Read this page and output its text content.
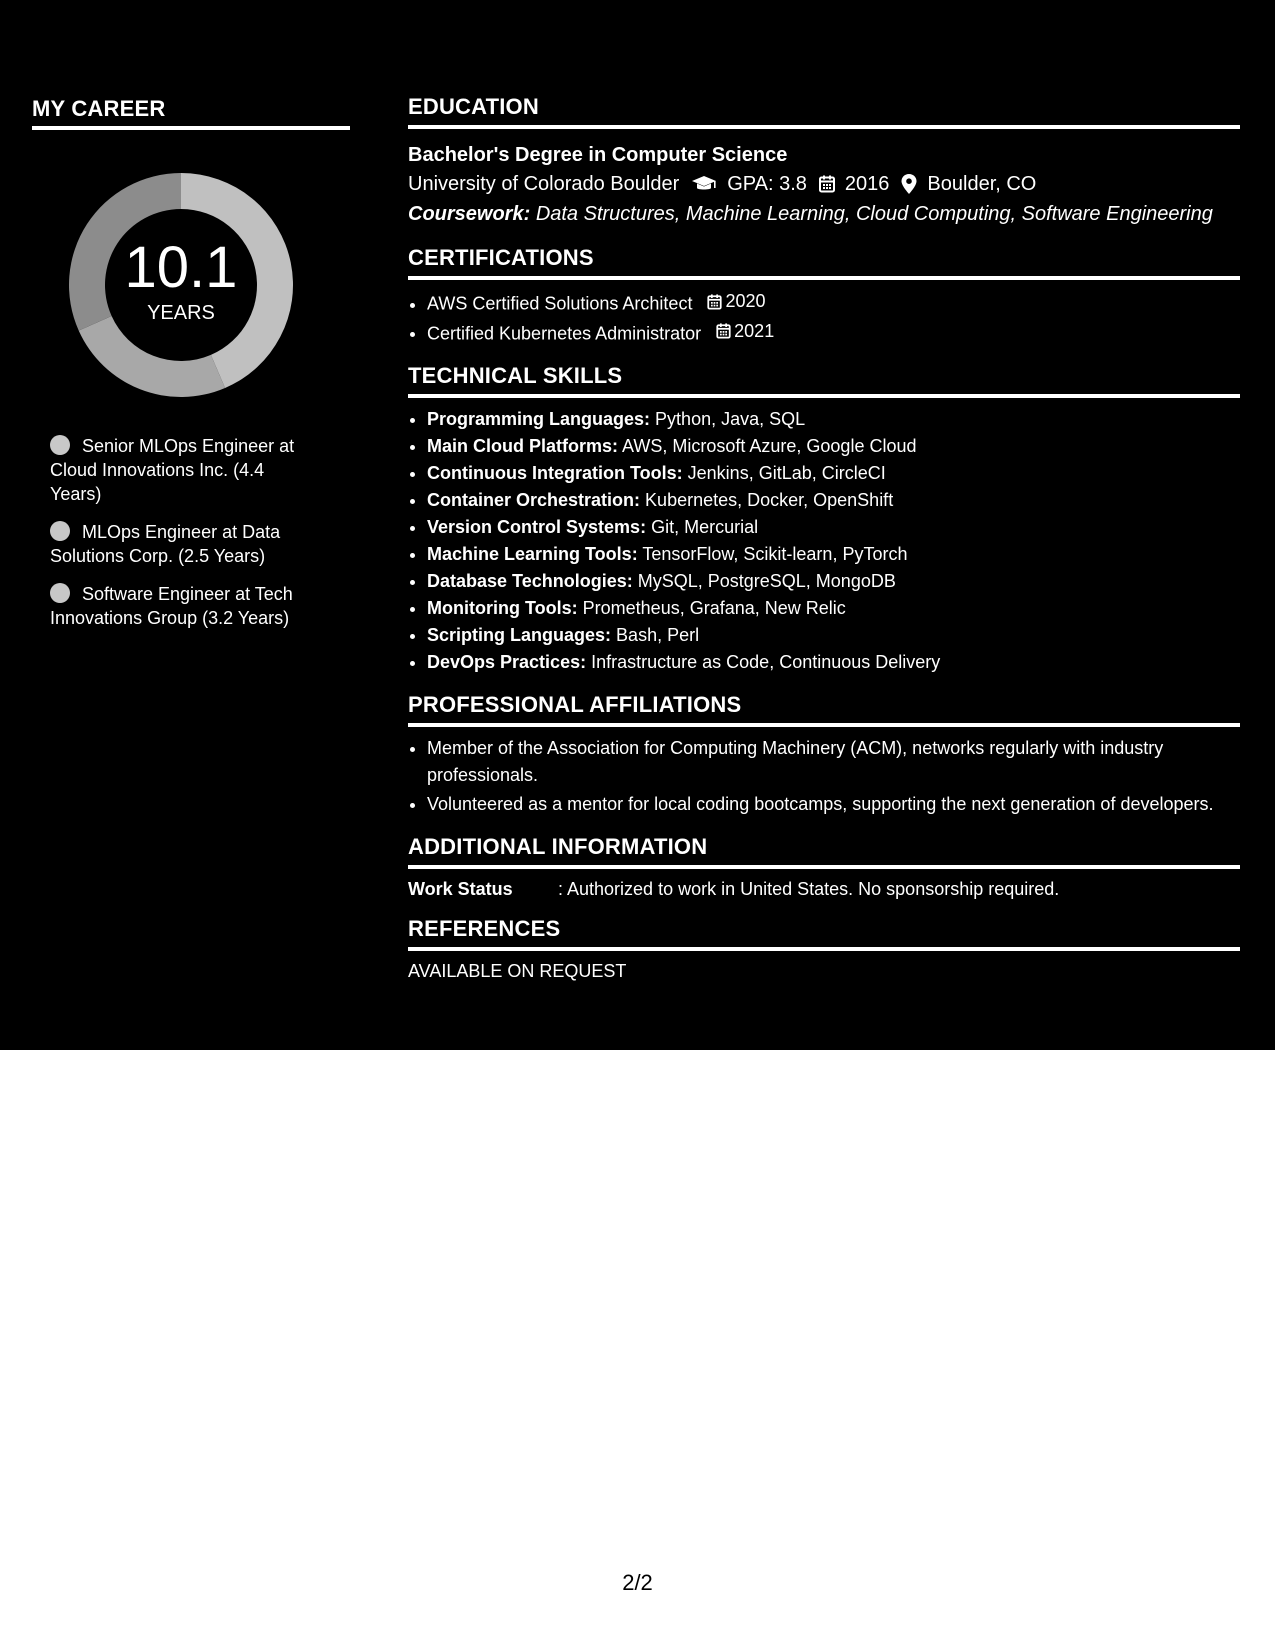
MY CAREER
10.1
YEARS
Senior MLOps Engineer at Cloud Innovations Inc. (4.4 Years)
MLOps Engineer at Data Solutions Corp. (2.5 Years)
Software Engineer at Tech Innovations Group (3.2 Years)
EDUCATION
Bachelor's Degree in Computer Science
University of Colorado Boulder GPA: 3.8 2016 Boulder, CO
Coursework: Data Structures, Machine Learning, Cloud Computing, Software Engineering
CERTIFICATIONS
• AWS Certified Solutions Architect 2020
• Certified Kubernetes Administrator 2021
TECHNICAL SKILLS
• Programming Languages: Python, Java, SQL
• Main Cloud Platforms: AWS, Microsoft Azure, Google Cloud
• Continuous Integration Tools: Jenkins, GitLab, CircleCI
• Container Orchestration: Kubernetes, Docker, OpenShift
• Version Control Systems: Git, Mercurial
• Machine Learning Tools: TensorFlow, Scikit-learn, PyTorch
• Database Technologies: MySQL, PostgreSQL, MongoDB
• Monitoring Tools: Prometheus, Grafana, New Relic
• Scripting Languages: Bash, Perl
• DevOps Practices: Infrastructure as Code, Continuous Delivery
PROFESSIONAL AFFILIATIONS
• Member of the Association for Computing Machinery (ACM), networks regularly with industry professionals.
• Volunteered as a mentor for local coding bootcamps, supporting the next generation of developers.
ADDITIONAL INFORMATION
Work Status	: Authorized to work in United States. No sponsorship required.
REFERENCES
AVAILABLE ON REQUEST
2/2
